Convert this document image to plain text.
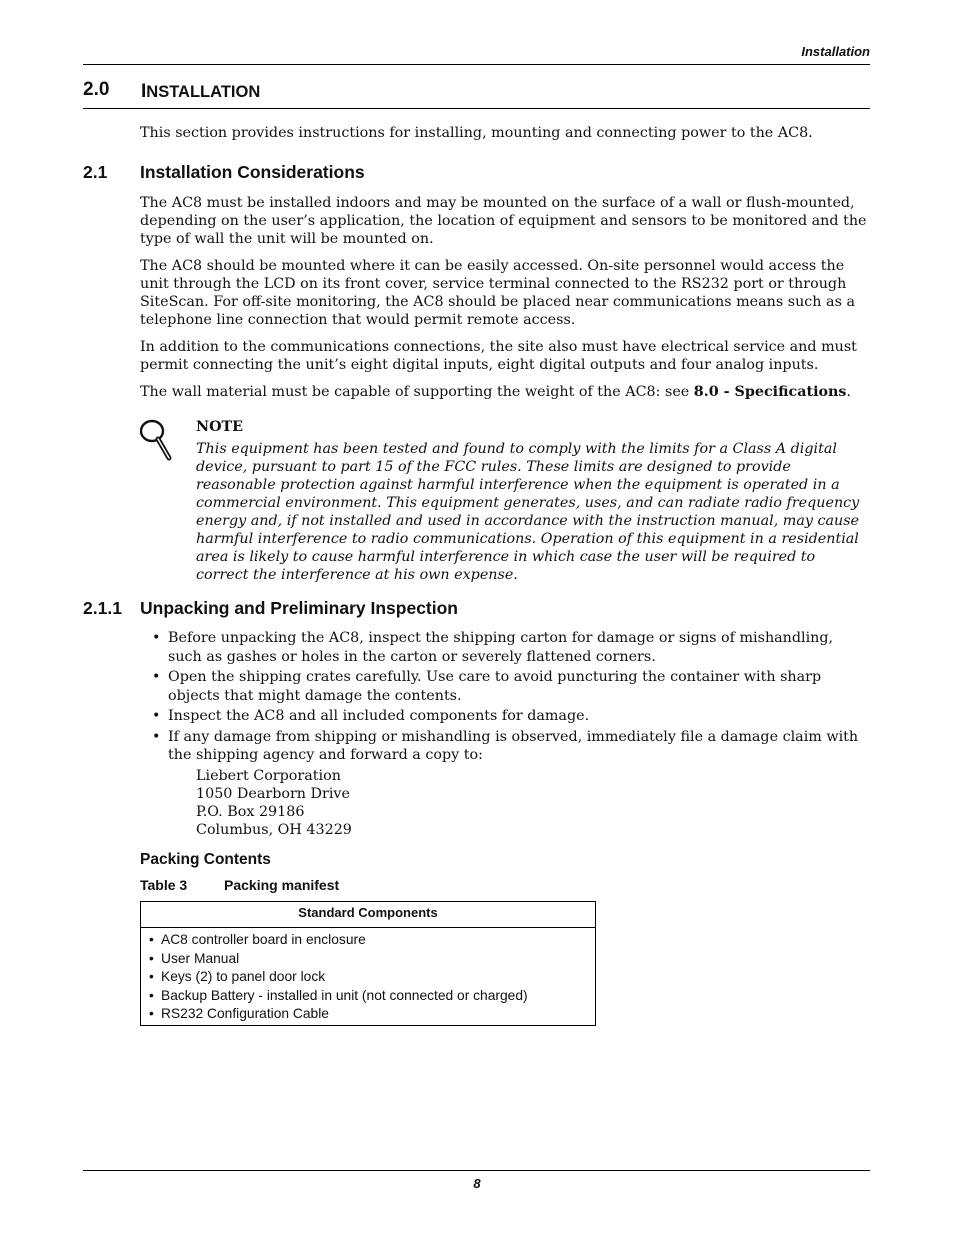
Installation
2.0 INSTALLATION
This section provides instructions for installing, mounting and connecting power to the AC8.
2.1 Installation Considerations
The AC8 must be installed indoors and may be mounted on the surface of a wall or flush-mounted, depending on the user’s application, the location of equipment and sensors to be monitored and the type of wall the unit will be mounted on.
The AC8 should be mounted where it can be easily accessed. On-site personnel would access the unit through the LCD on its front cover, service terminal connected to the RS232 port or through SiteScan. For off-site monitoring, the AC8 should be placed near communications means such as a telephone line connection that would permit remote access.
In addition to the communications connections, the site also must have electrical service and must permit connecting the unit’s eight digital inputs, eight digital outputs and four analog inputs.
The wall material must be capable of supporting the weight of the AC8: see 8.0 - Specifications.
NOTE
This equipment has been tested and found to comply with the limits for a Class A digital device, pursuant to part 15 of the FCC rules. These limits are designed to provide reasonable protection against harmful interference when the equipment is operated in a commercial environment. This equipment generates, uses, and can radiate radio frequency energy and, if not installed and used in accordance with the instruction manual, may cause harmful interference to radio communications. Operation of this equipment in a residential area is likely to cause harmful interference in which case the user will be required to correct the interference at his own expense.
2.1.1 Unpacking and Preliminary Inspection
• Before unpacking the AC8, inspect the shipping carton for damage or signs of mishandling, such as gashes or holes in the carton or severely flattened corners.
• Open the shipping crates carefully. Use care to avoid puncturing the container with sharp objects that might damage the contents.
• Inspect the AC8 and all included components for damage.
• If any damage from shipping or mishandling is observed, immediately file a damage claim with the shipping agency and forward a copy to:
Liebert Corporation
1050 Dearborn Drive
P.O. Box 29186
Columbus, OH 43229
Packing Contents
Table 3	Packing manifest
Standard Components
• AC8 controller board in enclosure
• User Manual
• Keys (2) to panel door lock
• Backup Battery - installed in unit (not connected or charged)
• RS232 Configuration Cable
8
